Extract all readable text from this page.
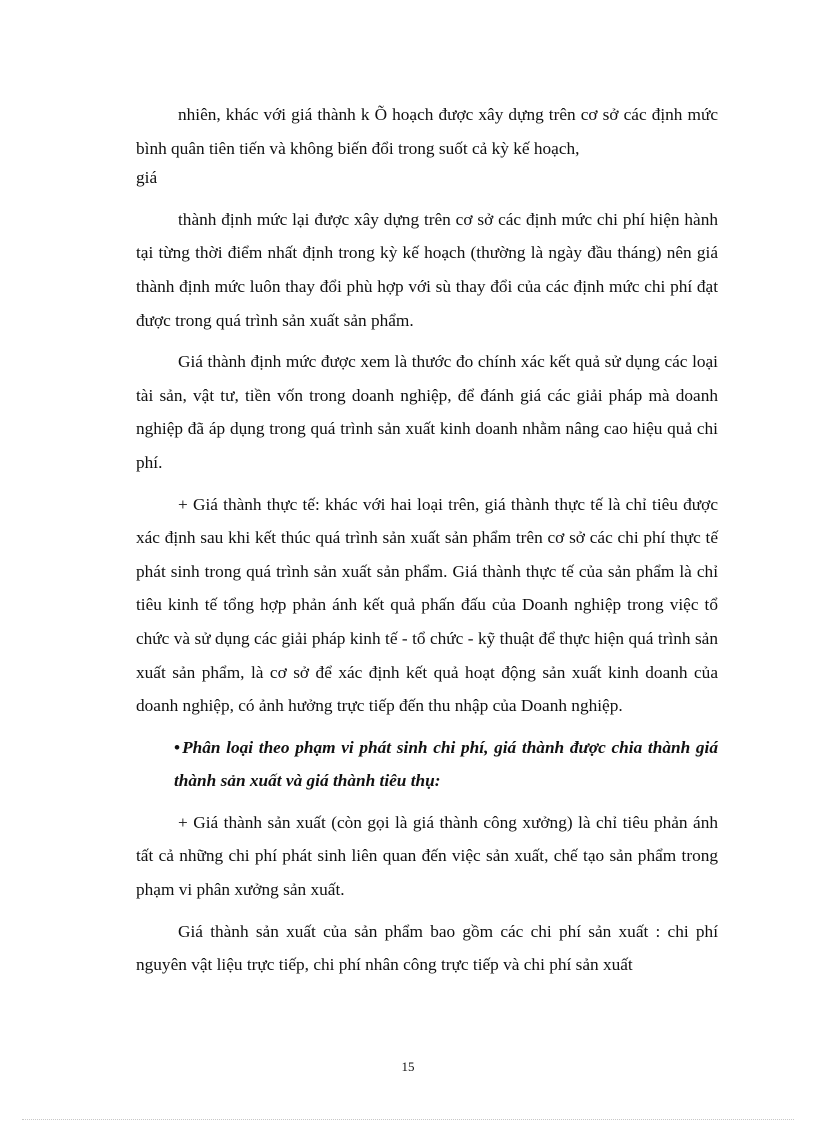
nhiên, khác với giá thành k Õ hoạch được xây dựng trên cơ sở các định mức bình quân tiên tiến và không biến đổi trong suốt cả kỳ kế hoạch,

giá

thành định mức lại được xây dựng trên cơ sở các định mức chi phí hiện hành tại từng thời điểm nhất định trong kỳ kế hoạch (thường là ngày đầu tháng) nên giá thành định mức luôn thay đổi phù hợp với sù thay đổi của các định mức chi phí đạt được trong quá trình sản xuất sản phẩm.

Giá thành định mức được xem là thước đo chính xác kết quả sử dụng các loại tài sản, vật tư, tiền vốn trong doanh nghiệp, để đánh giá các giải pháp mà doanh nghiệp đã áp dụng trong quá trình sản xuất kinh doanh nhằm nâng cao hiệu quả chi phí.

+ Giá thành thực tế: khác với hai loại trên, giá thành thực tế là chỉ tiêu được xác định sau khi kết thúc quá trình sản xuất sản phẩm trên cơ sở các chi phí thực tế phát sinh trong quá trình sản xuất sản phẩm. Giá thành thực tế của sản phẩm là chỉ tiêu kinh tế tổng hợp phản ánh kết quả phấn đấu của Doanh nghiệp trong việc tổ chức và sử dụng các giải pháp kinh tế - tổ chức - kỹ thuật để thực hiện quá trình sản xuất sản phẩm, là cơ sở để xác định kết quả hoạt động sản xuất kinh doanh của doanh nghiệp, có ảnh hưởng trực tiếp đến thu nhập của Doanh nghiệp.

• Phân loại theo phạm vi phát sinh chi phí, giá thành được chia thành giá thành sản xuất và giá thành tiêu thụ:

+ Giá thành sản xuất (còn gọi là giá thành công xưởng) là chỉ tiêu phản ánh tất cả những chi phí phát sinh liên quan đến việc sản xuất, chế tạo sản phẩm trong phạm vi phân xưởng sản xuất.

Giá thành sản xuất của sản phẩm bao gồm các chi phí sản xuất : chi phí nguyên vật liệu trực tiếp, chi phí nhân công trực tiếp và chi phí sản xuất

15
